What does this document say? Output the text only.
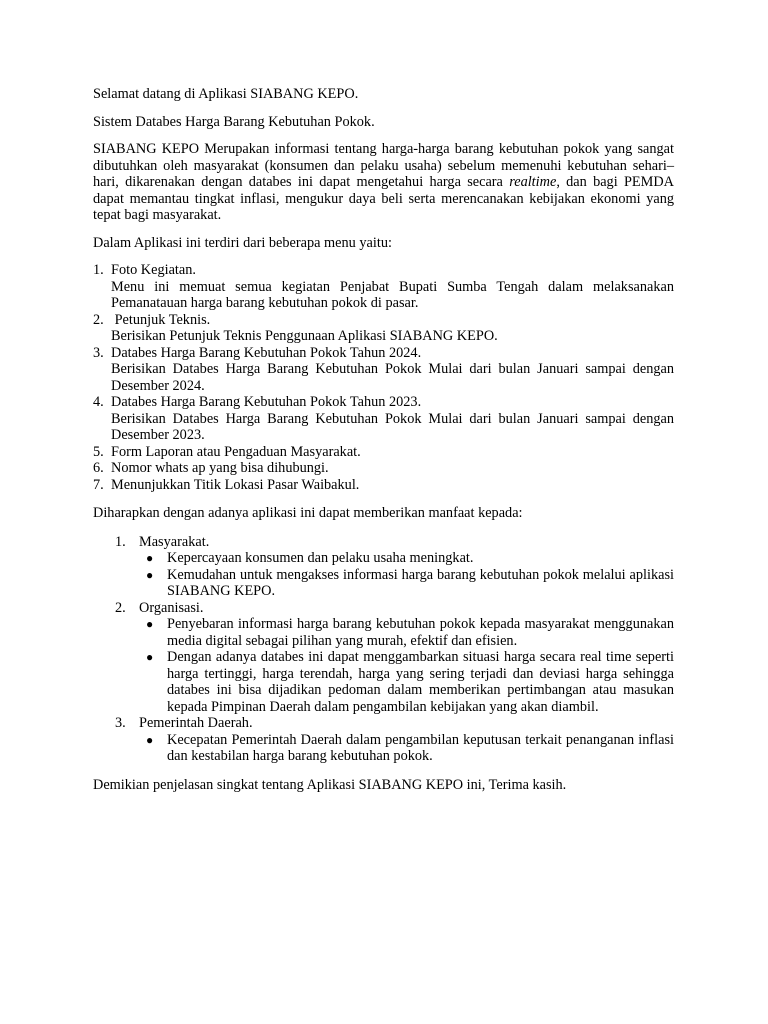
Selamat datang di Aplikasi SIABANG KEPO.

Sistem Databes Harga Barang Kebutuhan Pokok.

SIABANG KEPO Merupakan informasi tentang harga-harga barang kebutuhan pokok yang sangat dibutuhkan oleh masyarakat (konsumen dan pelaku usaha) sebelum memenuhi kebutuhan sehari–hari, dikarenakan dengan databes ini dapat mengetahui harga secara realtime, dan bagi PEMDA dapat memantau tingkat inflasi, mengukur daya beli serta merencanakan kebijakan ekonomi yang tepat bagi masyarakat.

Dalam Aplikasi ini terdiri dari beberapa menu yaitu:

1. Foto Kegiatan.
Menu ini memuat semua kegiatan Penjabat Bupati Sumba Tengah dalam melaksanakan Pemanatauan harga barang kebutuhan pokok di pasar.
2. Petunjuk Teknis.
Berisikan Petunjuk Teknis Penggunaan Aplikasi SIABANG KEPO.
3. Databes Harga Barang Kebutuhan Pokok Tahun 2024.
Berisikan Databes Harga Barang Kebutuhan Pokok Mulai dari bulan Januari sampai dengan Desember 2024.
4. Databes Harga Barang Kebutuhan Pokok Tahun 2023.
Berisikan Databes Harga Barang Kebutuhan Pokok Mulai dari bulan Januari sampai dengan Desember 2023.
5. Form Laporan atau Pengaduan Masyarakat.
6. Nomor whats ap yang bisa dihubungi.
7. Menunjukkan Titik Lokasi Pasar Waibakul.

Diharapkan dengan adanya aplikasi ini dapat memberikan manfaat kepada:

1. Masyarakat.
● Kepercayaan konsumen dan pelaku usaha meningkat.
● Kemudahan untuk mengakses informasi harga barang kebutuhan pokok melalui aplikasi SIABANG KEPO.
2. Organisasi.
● Penyebaran informasi harga barang kebutuhan pokok kepada masyarakat menggunakan media digital sebagai pilihan yang murah, efektif dan efisien.
● Dengan adanya databes ini dapat menggambarkan situasi harga secara real time seperti harga tertinggi, harga terendah, harga yang sering terjadi dan deviasi harga sehingga databes ini bisa dijadikan pedoman dalam memberikan pertimbangan atau masukan kepada Pimpinan Daerah dalam pengambilan kebijakan yang akan diambil.
3. Pemerintah Daerah.
● Kecepatan Pemerintah Daerah dalam pengambilan keputusan terkait penanganan inflasi dan kestabilan harga barang kebutuhan pokok.

Demikian penjelasan singkat tentang Aplikasi SIABANG KEPO ini, Terima kasih.
